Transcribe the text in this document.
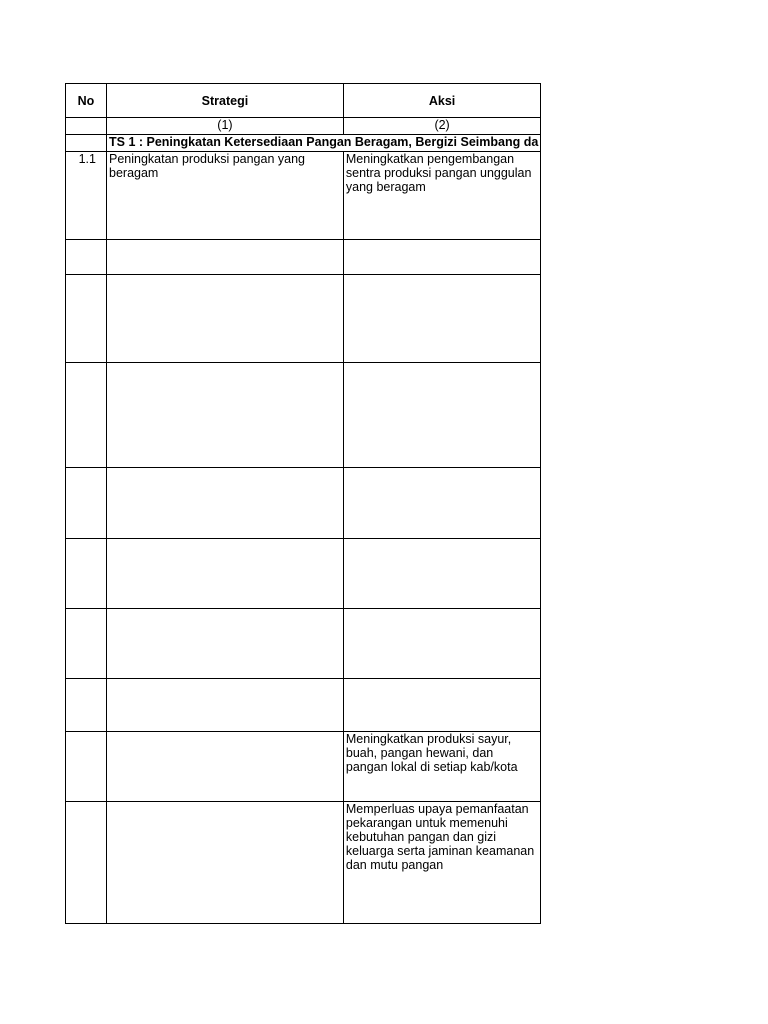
No	Strategi	Aksi
	(1)	(2)
	TS 1 : Peningkatan Ketersediaan Pangan Beragam, Bergizi Seimbang da	
1.1	Peningkatan produksi pangan yang beragam	Meningkatkan pengembangan sentra produksi pangan unggulan yang beragam

		Meningkatkan produksi sayur, buah, pangan hewani, dan pangan lokal di setiap kab/kota
		Memperluas upaya pemanfaatan pekarangan untuk memenuhi kebutuhan pangan dan gizi keluarga serta jaminan keamanan dan mutu pangan
